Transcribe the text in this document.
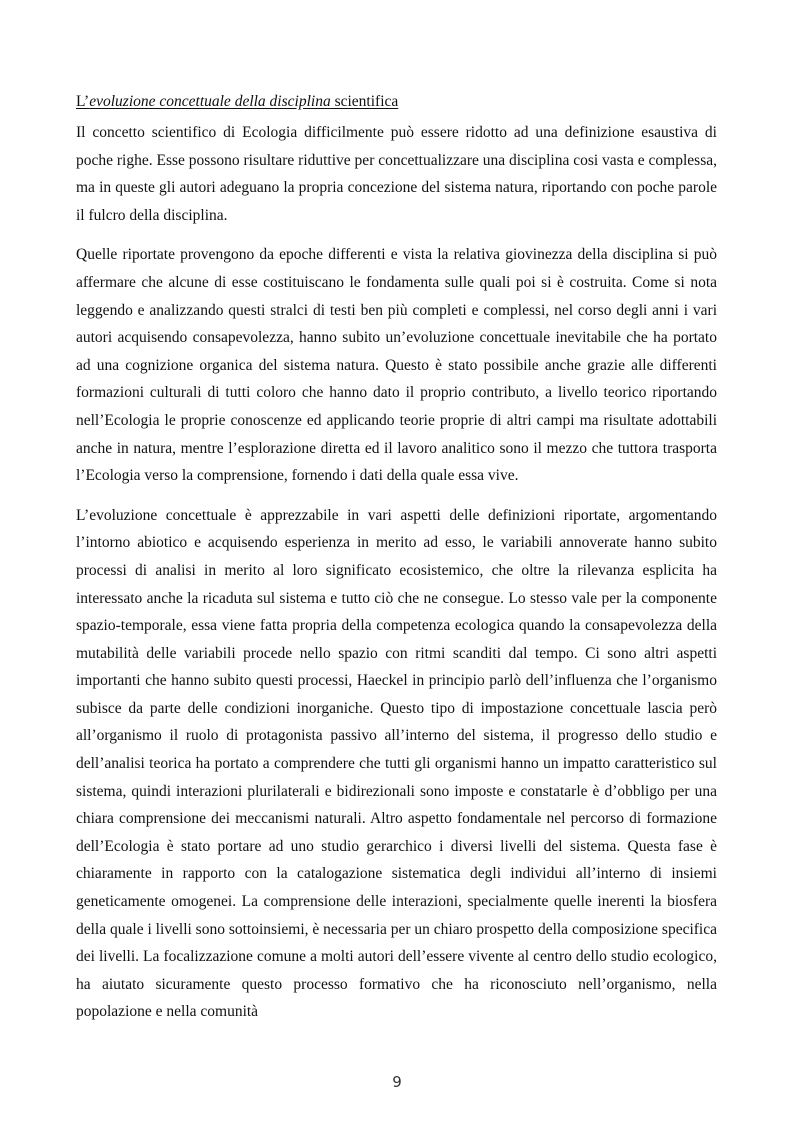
L’evoluzione concettuale della disciplina scientifica

Il concetto scientifico di Ecologia difficilmente può essere ridotto ad una definizione esaustiva di poche righe. Esse possono risultare riduttive per concettualizzare una disciplina cosi vasta e complessa, ma in queste gli autori adeguano la propria concezione del sistema natura, riportando con poche parole il fulcro della disciplina.

Quelle riportate provengono da epoche differenti e vista la relativa giovinezza della disciplina si può affermare che alcune di esse costituiscano le fondamenta sulle quali poi si è costruita. Come si nota leggendo e analizzando questi stralci di testi ben più completi e complessi, nel corso degli anni i vari autori acquisendo consapevolezza, hanno subito un’evoluzione concettuale inevitabile che ha portato ad una cognizione organica del sistema natura. Questo è stato possibile anche grazie alle differenti formazioni culturali di tutti coloro che hanno dato il proprio contributo, a livello teorico riportando nell’Ecologia le proprie conoscenze ed applicando teorie proprie di altri campi ma risultate adottabili anche in natura, mentre l’esplorazione diretta ed il lavoro analitico sono il mezzo che tuttora trasporta l’Ecologia verso la comprensione, fornendo i dati della quale essa vive.

L’evoluzione concettuale è apprezzabile in vari aspetti delle definizioni riportate, argomentando l’intorno abiotico e acquisendo esperienza in merito ad esso, le variabili annoverate hanno subito processi di analisi in merito al loro significato ecosistemico, che oltre la rilevanza esplicita ha interessato anche la ricaduta sul sistema e tutto ciò che ne consegue. Lo stesso vale per la componente spazio-temporale, essa viene fatta propria della competenza ecologica quando la consapevolezza della mutabilità delle variabili procede nello spazio con ritmi scanditi dal tempo. Ci sono altri aspetti importanti che hanno subito questi processi, Haeckel in principio parlò dell’influenza che l’organismo subisce da parte delle condizioni inorganiche. Questo tipo di impostazione concettuale lascia però all’organismo il ruolo di protagonista passivo all’interno del sistema, il progresso dello studio e dell’analisi teorica ha portato a comprendere che tutti gli organismi hanno un impatto caratteristico sul sistema, quindi interazioni plurilaterali e bidirezionali sono imposte e constatarle è d’obbligo per una chiara comprensione dei meccanismi naturali. Altro aspetto fondamentale nel percorso di formazione dell’Ecologia è stato portare ad uno studio gerarchico i diversi livelli del sistema. Questa fase è chiaramente in rapporto con la catalogazione sistematica degli individui all’interno di insiemi geneticamente omogenei. La comprensione delle interazioni, specialmente quelle inerenti la biosfera della quale i livelli sono sottoinsiemi, è necessaria per un chiaro prospetto della composizione specifica dei livelli. La focalizzazione comune a molti autori dell’essere vivente al centro dello studio ecologico, ha aiutato sicuramente questo processo formativo che ha riconosciuto nell’organismo, nella popolazione e nella comunità

9
